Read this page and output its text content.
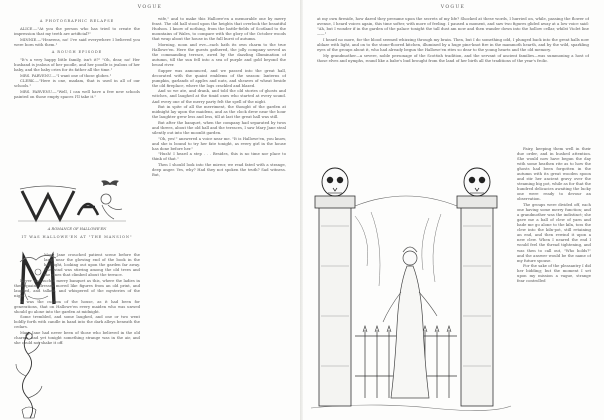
VOGUE

A PHOTOGRAPHIC RELAPSE

ALICE.—"At you the person who has tried to create the impression that my teeth are artificial?"

MINNIE.—"Heavens, no! I've said everywhere I believed you were born with them."

A ROUGH EPISODE

"It's a very happy little family, isn't it?" "Oh, dear, no! Her husband is jealous of her poodle, and her poodle is jealous of her baby, and the baby cries for its father all the time."

MRS. PARVENU.—"I want one of those globes."

CLERK.—"Here is one, madam, that is used in all of our schools."

MRS. PARVENU.—"Well, I can well have a few new schools painted on those empty spaces I'll take it."

A ROMANCE OF HALLOWE'EN
IT WAS HALLOWE'EN AT "THE MANSION"

Mary Jane crouched patient scene before the lamp near the glowing end of the book in the half-light, looking out upon the garden far away. The wind was stirring among the old trees and the vines that climbed about the terrace.

Never was such a merry banquet as this, where the ladies in their quaint dresses moved like figures from an old print, and laughed, and talked, and whispered of the mysteries of the night.

It was the custom of the house, as it had been for generations, that on Hallowe'en every maiden who was unwed should go alone into the garden at midnight.

Some trembled, and some laughed, and one or two went boldly forth with candle in hand into the dark alleys beneath the cedars.

Mary Jane had never been of those who believed in the old charms, and yet tonight something strange was in the air, and she could not shake it off.

wife," and to make this Hallowe'en a memorable one by merry feast. The old hall stood upon the heights that overlook the beautiful Hudson. I know of nothing, from the battle-fields of Scotland to the mountains of Wales, to compare with the glory of the October woods that wrap about the house in the full burst of autumn.

Morning, noon and eve—each hath its own charm to the true Hallowe'en. Here the guests gathered, the jolly company served as the commanding terrace, awed by the dazzling illumination of autumn, till the sun fell into a sea of purple and gold beyond the broad river.

Supper was announced, and we passed into the great hall, decorated with the quaint emblems of the season: lanterns of pumpkin, garlands of apples and nuts, and sheaves of wheat beside the old fireplace, where the logs crackled and blazed.

And so we ate, and drank, and told the old stories of ghosts and witches, and laughed at the timid ones who started at every sound. And every one of the merry party felt the spell of the night.

But in spite of all the merriment, the thought of the garden at midnight lay upon the maidens, and as the clock drew near the hour the laughter grew less and less, till at last the great hall was still.

But after the banquet, when the company had separated by twos and threes, about the old hall and the terraces, I saw Mary Jane steal silently out into the moonlit garden.

"Oh, yes!" answered a voice near me. "It is Hallowe'en, you know, and she is bound to try her fate tonight, as every girl in the house has done before her."

"Hush! I heard a step . . . Besides, this is no time nor place to think of that."

Then I should look into the mirror, we read fated with a strange, deep anger. Yes, why? Had they not spoken the truth? Sad witness. But,

VOGUE

at my own fireside, how dared they presume upon the secrets of my life? Shocked at these words, I hurried on, while, passing the flower of avenue, I heard voices again, this time softer, with more of feeling. I paused a moment, and saw two figures glided away at a low voice said: "Ah, but I wonder if in the garden of the palace tonight the tall dust am now and then wander down into the hollow cellar, whilst Violet line——"

I heard no more, for the blood seemed whizzing through my brain. Then, but I do something odd, I plunged back into the great halls now ablaze with light, and on to the stone-floored kitchen, illumined by a huge pine-knot fire in the mammoth hearth, and by the wild, sparkling eyes of the groups about it, who had already begun the Hallowe'en rites so dear to the young hearts and the old memory.

My grandmother—a severe, noble personage of the Scottish tradition, and the servant of ancient families—was summoning a host of those elves and nymphs, round like a babe's bud brought from the land of her birth all the traditions of the year's frolic.

Fairy, keeping them well in their due order, and in hushed attention. She would now have begun the day with some heathen rite as to how the ghosts had been forgotten in the autumn with its great wooden spoon and stir her ancient gravy over the steaming big pot, while as for that the hundred delicacies awaiting the lucky one were ready to devour an observation.

The groups were divided off, each one having some merry function; and a grandmother was the indistinct; she gave me a ball of clew of yarn and bade me go alone to the kiln, toss the clew into the kiln-pot, still retaining an end, and then rewind it upon a new clew. When I neared the end I would feel the thread tightening, and was then to call out, "Who holds?" and the answer would be the name of my future spouse.

For the sake of the pleasantry I did her bidding; but the moment I set upon my mission a vague, strange fear controlled
